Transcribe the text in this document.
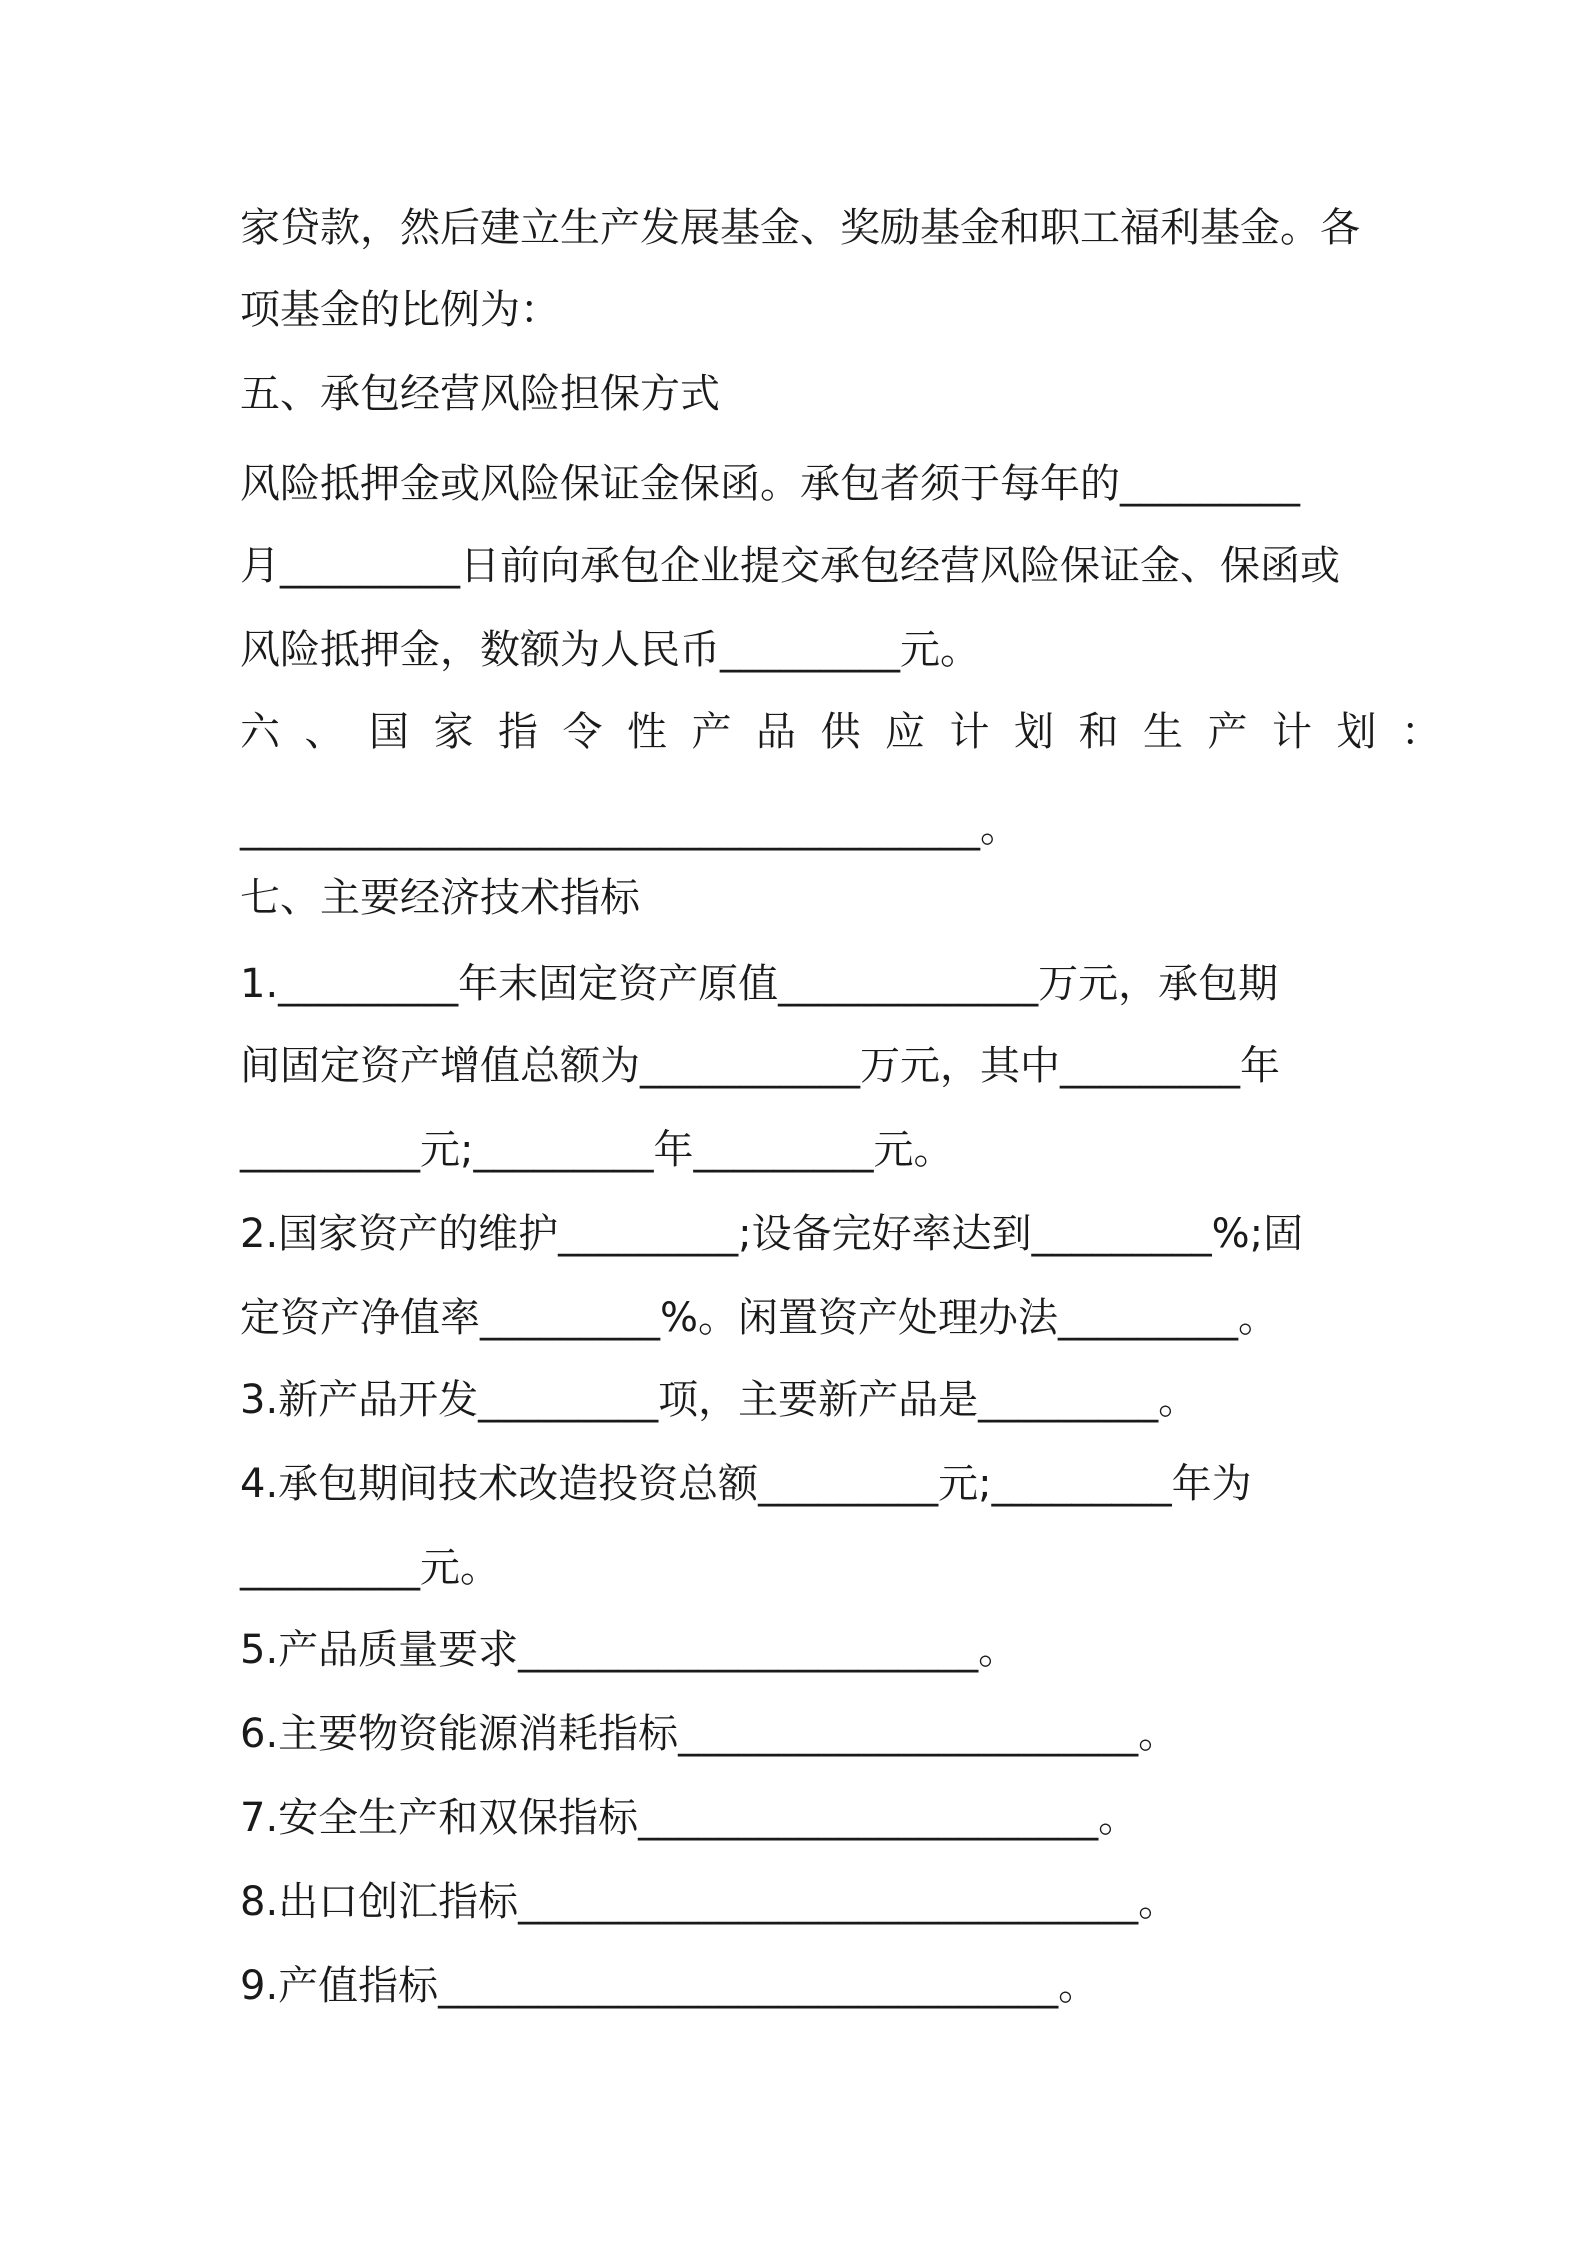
家贷款，然后建立生产发展基金、奖励基金和职工福利基金。各
项基金的比例为：
五、承包经营风险担保方式
风险抵押金或风险保证金保函。承包者须于每年的_________
月_________日前向承包企业提交承包经营风险保证金、保函或
风险抵押金，数额为人民币_________元。
六、国家指令性产品供应计划和生产计划：
_____________________________________。
七、主要经济技术指标
1._________年末固定资产原值_____________万元，承包期
间固定资产增值总额为___________万元，其中_________年
_________元;_________年_________元。
2.国家资产的维护_________;设备完好率达到_________%;固
定资产净值率_________%。闲置资产处理办法_________。
3.新产品开发_________项，主要新产品是_________。
4.承包期间技术改造投资总额_________元;_________年为
_________元。
5.产品质量要求_______________________。
6.主要物资能源消耗指标_______________________。
7.安全生产和双保指标_______________________。
8.出口创汇指标_______________________________。
9.产值指标_______________________________。
